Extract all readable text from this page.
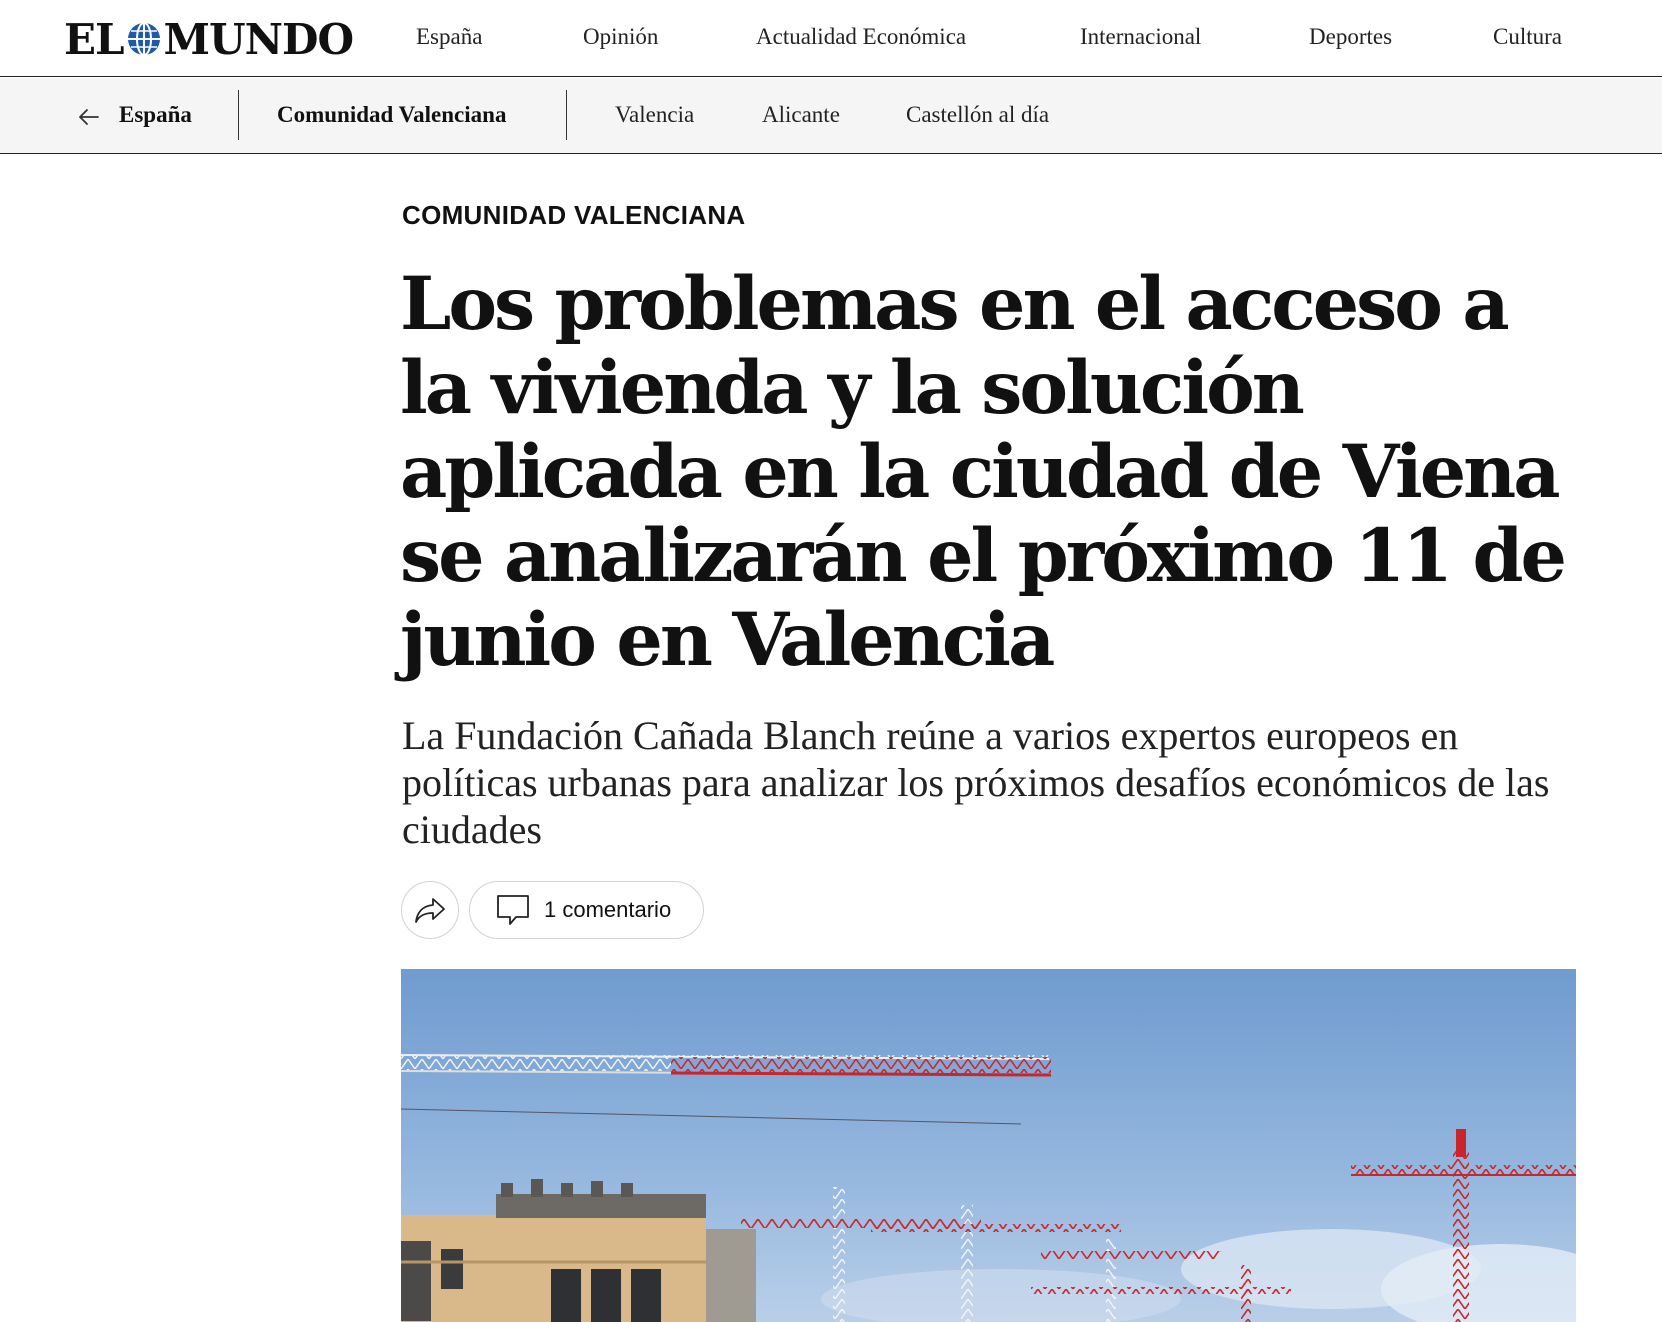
EL MUNDO	España	Opinión	Actualidad Económica	Internacional	Deportes	Cultura
España	Comunidad Valenciana	Valencia	Alicante	Castellón al día
COMUNIDAD VALENCIANA
Los problemas en el acceso a la vivienda y la solución aplicada en la ciudad de Viena se analizarán el próximo 11 de junio en Valencia

La Fundación Cañada Blanch reúne a varios expertos europeos en políticas urbanas para analizar los próximos desafíos económicos de las ciudades

1 comentario
